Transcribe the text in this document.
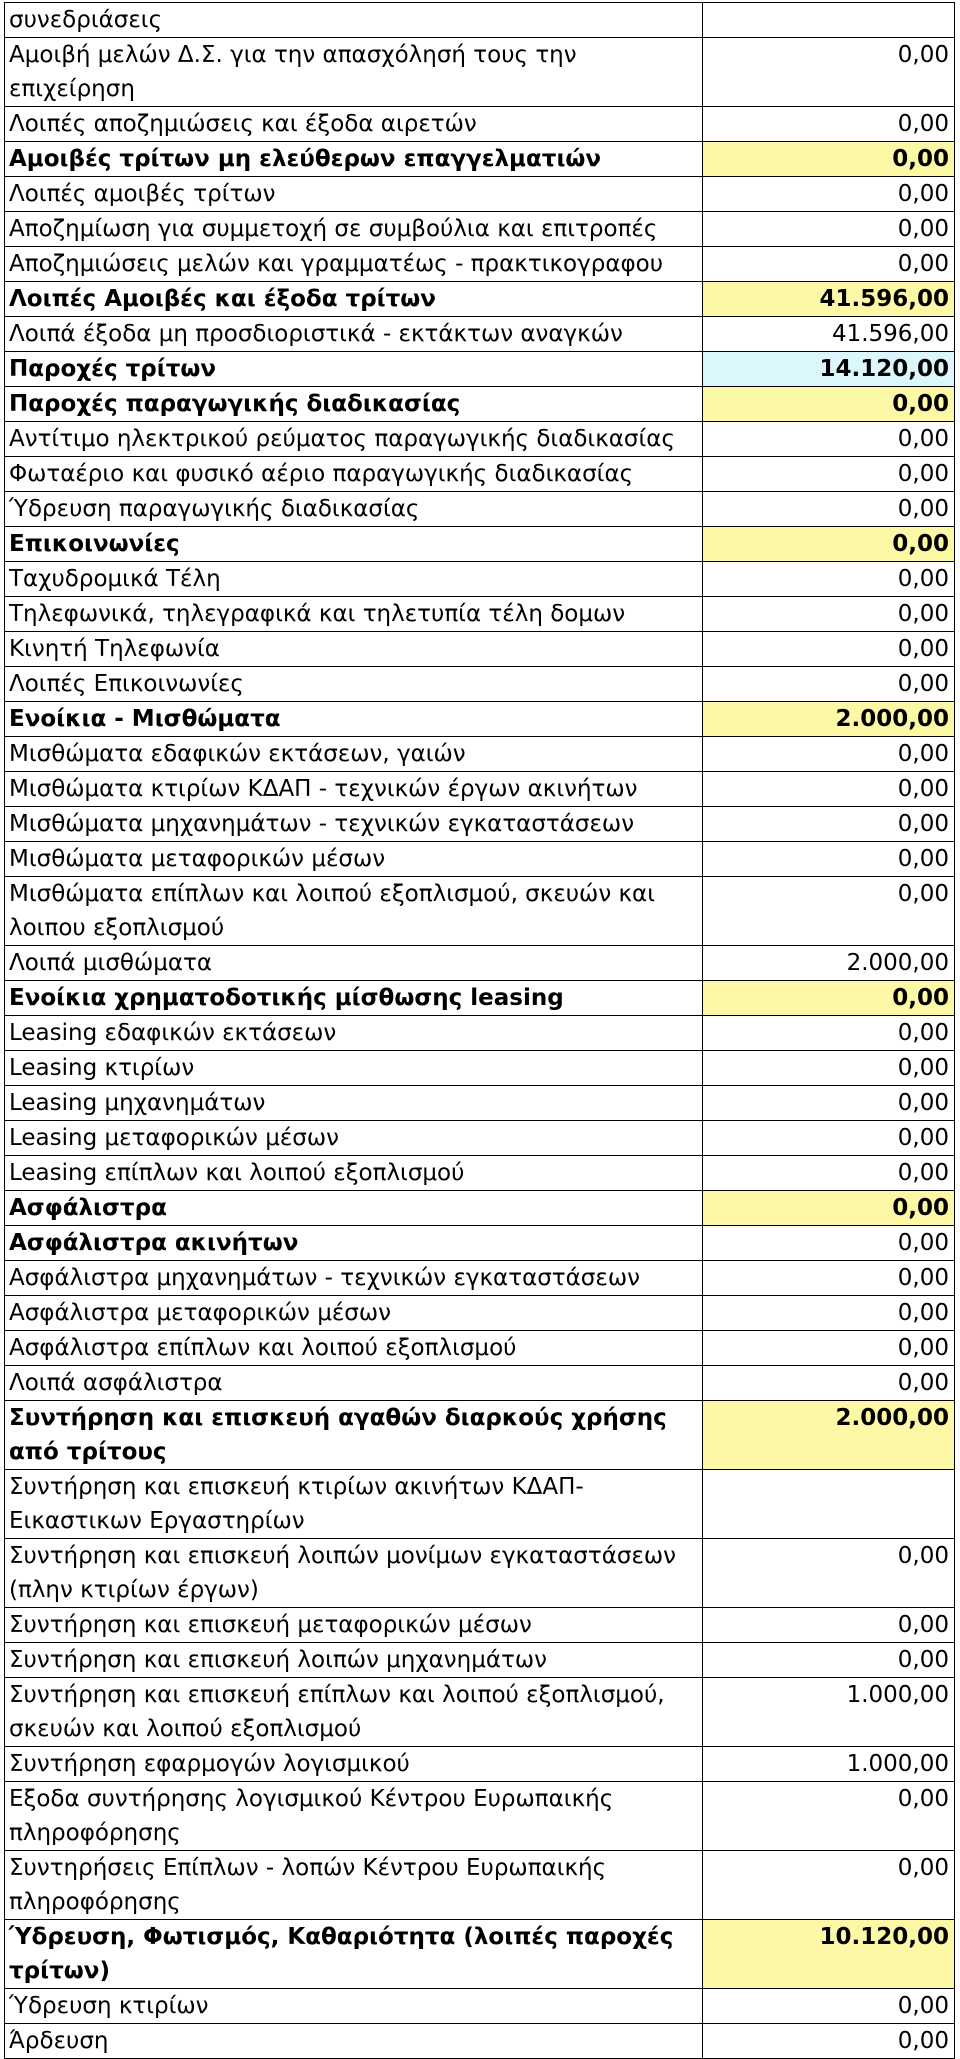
συνεδριάσεις	
Αμοιβή μελών Δ.Σ. για την απασχόλησή τους την επιχείρηση	0,00
Λοιπές αποζημιώσεις και έξοδα αιρετών	0,00
Αμοιβές τρίτων μη ελεύθερων επαγγελματιών	0,00
Λοιπές αμοιβές τρίτων	0,00
Αποζημίωση για συμμετοχή σε συμβούλια και επιτροπές	0,00
Αποζημιώσεις μελών και γραμματέως - πρακτικογραφου	0,00
Λοιπές Αμοιβές και έξοδα τρίτων	41.596,00
Λοιπά έξοδα μη προσδιοριστικά - εκτάκτων αναγκών	41.596,00
Παροχές τρίτων	14.120,00
Παροχές παραγωγικής διαδικασίας	0,00
Αντίτιμο ηλεκτρικού ρεύματος παραγωγικής διαδικασίας	0,00
Φωταέριο και φυσικό αέριο παραγωγικής διαδικασίας	0,00
Ύδρευση παραγωγικής διαδικασίας	0,00
Επικοινωνίες	0,00
Ταχυδρομικά Τέλη	0,00
Τηλεφωνικά, τηλεγραφικά και τηλετυπία τέλη δομων	0,00
Κινητή Τηλεφωνία	0,00
Λοιπές Επικοινωνίες	0,00
Ενοίκια - Μισθώματα	2.000,00
Μισθώματα εδαφικών εκτάσεων, γαιών	0,00
Μισθώματα κτιρίων ΚΔΑΠ - τεχνικών έργων ακινήτων	0,00
Μισθώματα μηχανημάτων - τεχνικών εγκαταστάσεων	0,00
Μισθώματα μεταφορικών μέσων	0,00
Μισθώματα επίπλων και λοιπού εξοπλισμού, σκευών και λοιπου εξοπλισμού	0,00
Λοιπά μισθώματα	2.000,00
Ενοίκια χρηματοδοτικής μίσθωσης leasing	0,00
Leasing εδαφικών εκτάσεων	0,00
Leasing κτιρίων	0,00
Leasing μηχανημάτων	0,00
Leasing μεταφορικών μέσων	0,00
Leasing επίπλων και λοιπού εξοπλισμού	0,00
Ασφάλιστρα	0,00
Ασφάλιστρα ακινήτων	0,00
Ασφάλιστρα μηχανημάτων - τεχνικών εγκαταστάσεων	0,00
Ασφάλιστρα μεταφορικών μέσων	0,00
Ασφάλιστρα επίπλων και λοιπού εξοπλισμού	0,00
Λοιπά ασφάλιστρα	0,00
Συντήρηση και επισκευή αγαθών διαρκούς χρήσης από τρίτους	2.000,00
Συντήρηση και επισκευή κτιρίων ακινήτων ΚΔΑΠ-Εικαστικων Εργαστηρίων	
Συντήρηση και επισκευή λοιπών μονίμων εγκαταστάσεων (πλην κτιρίων έργων)	0,00
Συντήρηση και επισκευή μεταφορικών μέσων	0,00
Συντήρηση και επισκευή λοιπών μηχανημάτων	0,00
Συντήρηση και επισκευή επίπλων και λοιπού εξοπλισμού, σκευών και λοιπού εξοπλισμού	1.000,00
Συντήρηση εφαρμογών λογισμικού	1.000,00
Εξοδα συντήρησης λογισμικού Κέντρου Ευρωπαικής πληροφόρησης	0,00
Συντηρήσεις Επίπλων - λοπών Κέντρου Ευρωπαικής πληροφόρησης	0,00
Ύδρευση, Φωτισμός, Καθαριότητα (λοιπές παροχές τρίτων)	10.120,00
Ύδρευση κτιρίων	0,00
Άρδευση	0,00
